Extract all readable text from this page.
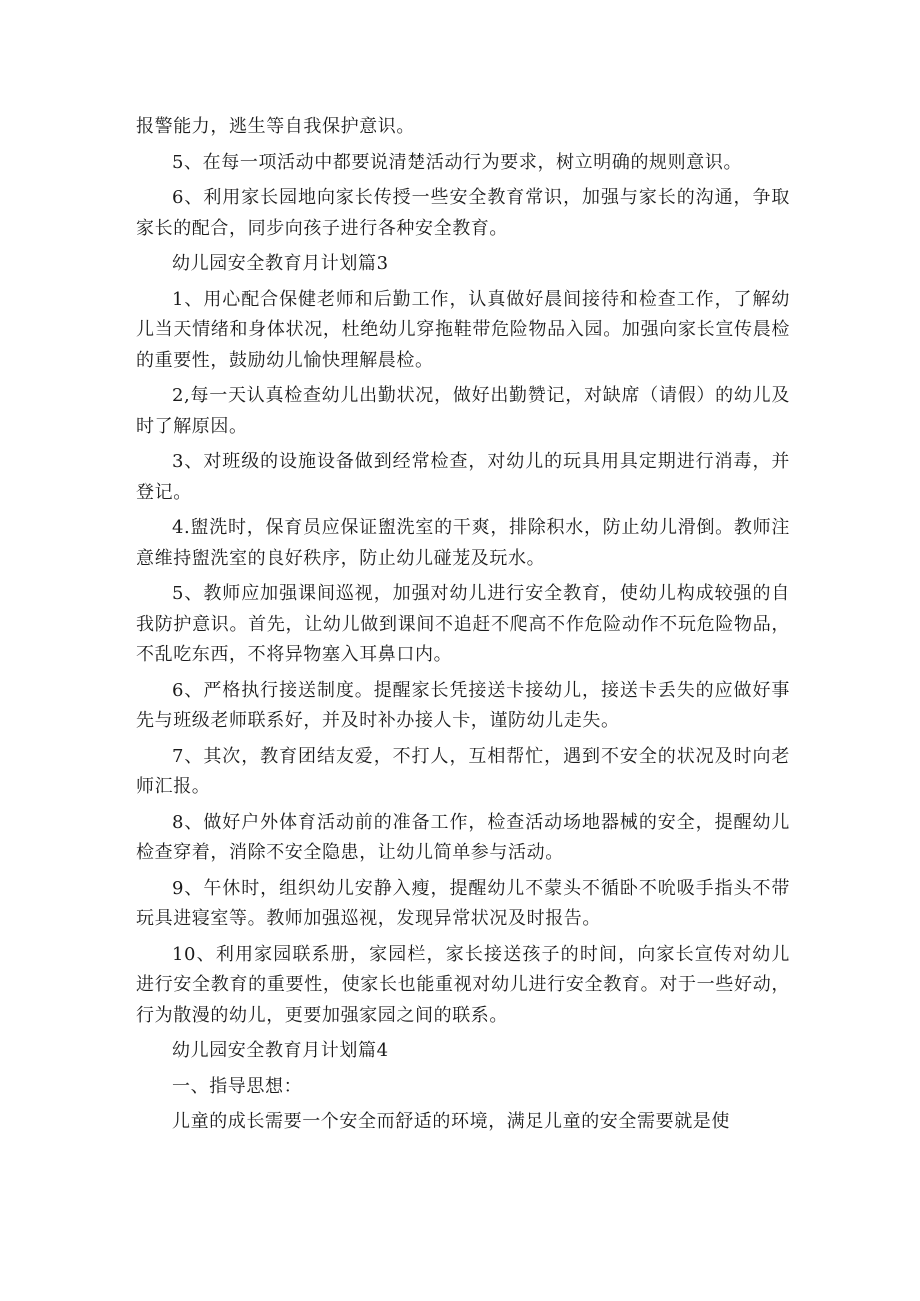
报警能力，逃生等自我保护意识。

5、在每一项活动中都要说清楚活动行为要求，树立明确的规则意识。

6、利用家长园地向家长传授一些安全教育常识，加强与家长的沟通，争取家长的配合，同步向孩子进行各种安全教育。

幼儿园安全教育月计划篇3

1、用心配合保健老师和后勤工作，认真做好晨间接待和检查工作，了解幼儿当天情绪和身体状况，杜绝幼儿穿拖鞋带危险物品入园。加强向家长宣传晨检的重要性，鼓励幼儿愉快理解晨检。

2,每一天认真检查幼儿出勤状况，做好出勤赞记，对缺席（请假）的幼儿及时了解原因。

3、对班级的设施设备做到经常检查，对幼儿的玩具用具定期进行消毒，并登记。

4.盥洗时，保育员应保证盥洗室的干爽，排除积水，防止幼儿滑倒。教师注意维持盥洗室的良好秩序，防止幼儿碰茏及玩水。

5、教师应加强课间巡视，加强对幼儿进行安全教育，使幼儿构成较强的自我防护意识。首先，让幼儿做到课间不追赶不爬高不作危险动作不玩危险物品，不乱吃东西，不将异物塞入耳鼻口内。

6、严格执行接送制度。提醒家长凭接送卡接幼儿，接送卡丢失的应做好事先与班级老师联系好，并及时补办接人卡，谨防幼儿走失。

7、其次，教育团结友爱，不打人，互相帮忙，遇到不安全的状况及时向老师汇报。

8、做好户外体育活动前的准备工作，检查活动场地器械的安全，提醒幼儿检查穿着，消除不安全隐患，让幼儿简单参与活动。

9、午休时，组织幼儿安静入瘦，提醒幼儿不蒙头不循卧不吮吸手指头不带玩具进寝室等。教师加强巡视，发现异常状况及时报告。

10、利用家园联系册，家园栏，家长接送孩子的时间，向家长宣传对幼儿进行安全教育的重要性，使家长也能重视对幼儿进行安全教育。对于一些好动，行为散漫的幼儿，更要加强家园之间的联系。

幼儿园安全教育月计划篇4

一、指导思想：

儿童的成长需要一个安全而舒适的环境，满足儿童的安全需要就是使
